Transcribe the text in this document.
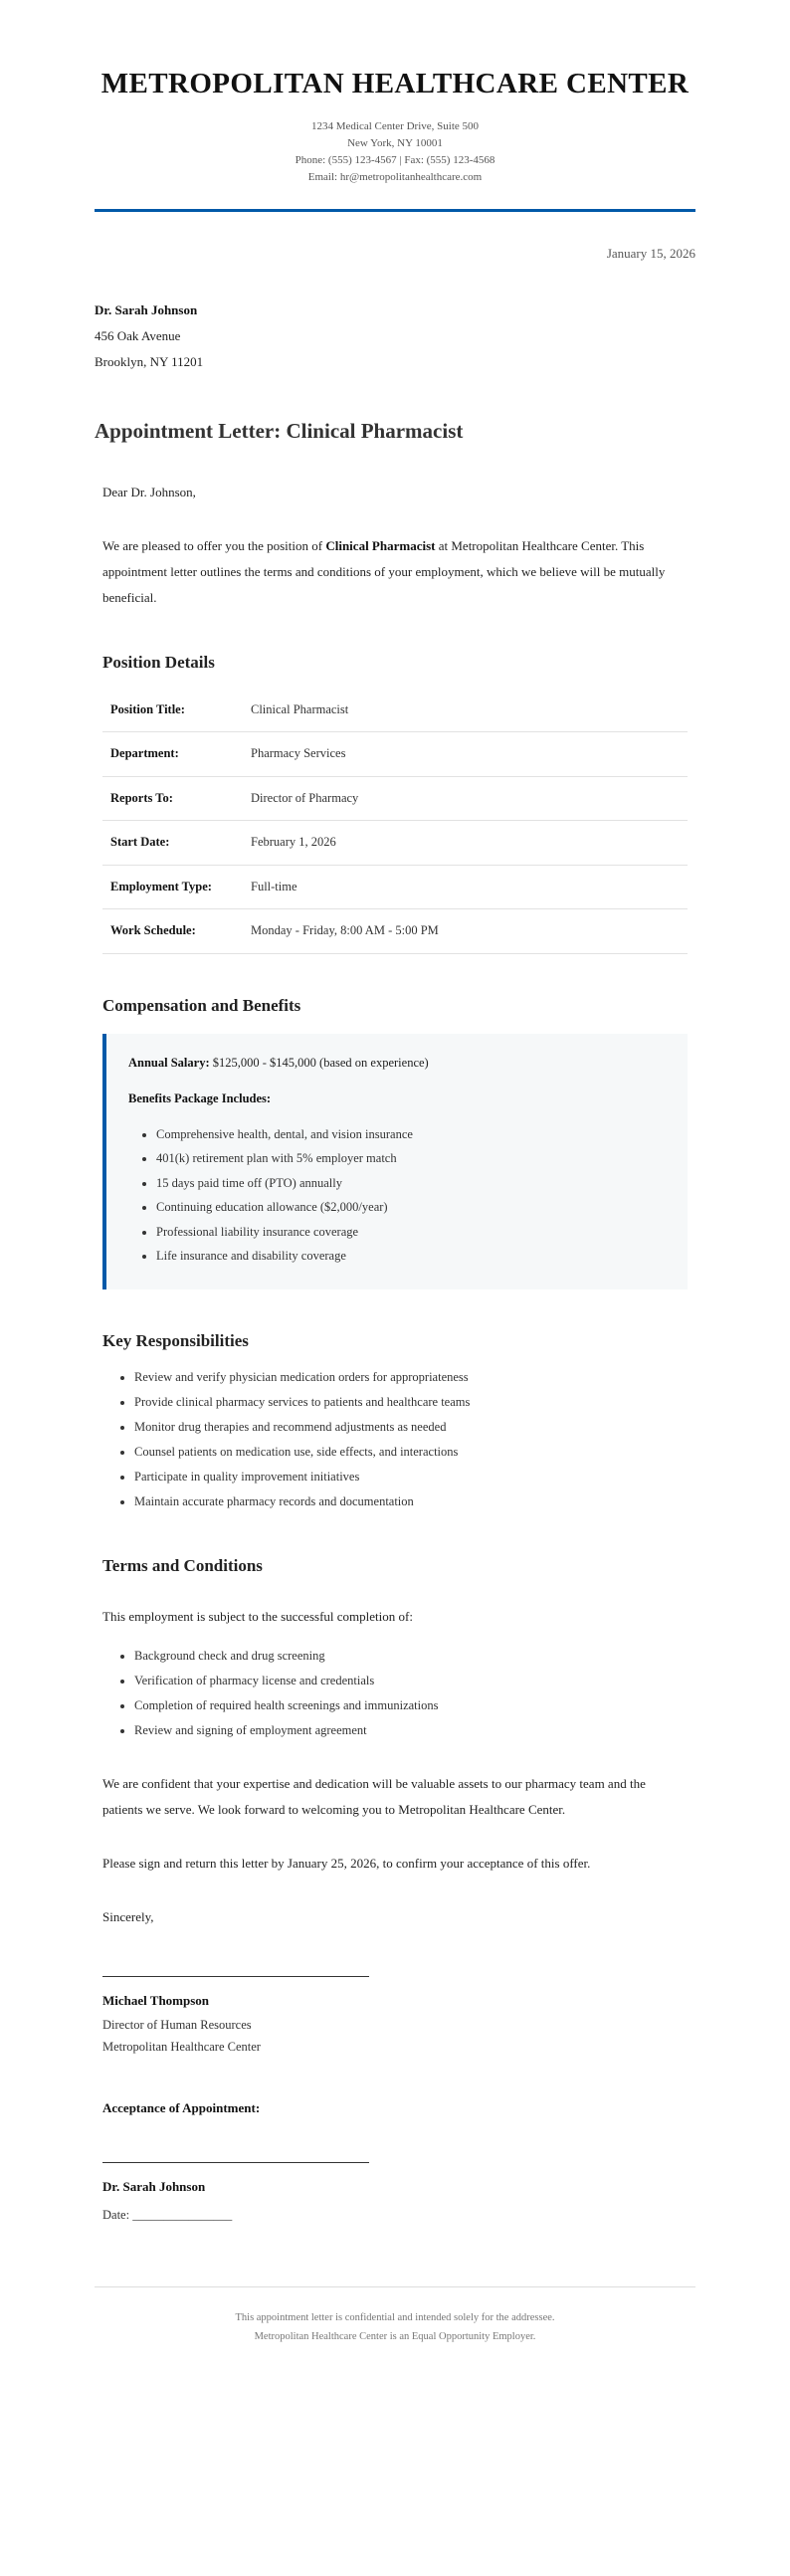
METROPOLITAN HEALTHCARE CENTER
1234 Medical Center Drive, Suite 500
New York, NY 10001
Phone: (555) 123-4567 | Fax: (555) 123-4568
Email: hr@metropolitanhealthcare.com
January 15, 2026
Dr. Sarah Johnson
456 Oak Avenue
Brooklyn, NY 11201
Appointment Letter: Clinical Pharmacist

Dear Dr. Johnson,

We are pleased to offer you the position of Clinical Pharmacist at Metropolitan Healthcare Center. This appointment letter outlines the terms and conditions of your employment, which we believe will be mutually beneficial.

Position Details
Position Title:	Clinical Pharmacist
Department:	Pharmacy Services
Reports To:	Director of Pharmacy
Start Date:	February 1, 2026
Employment Type:	Full-time
Work Schedule:	Monday - Friday, 8:00 AM - 5:00 PM
Compensation and Benefits

Annual Salary: $125,000 - $145,000 (based on experience)

Benefits Package Includes:

• Comprehensive health, dental, and vision insurance
• 401(k) retirement plan with 5% employer match
• 15 days paid time off (PTO) annually
• Continuing education allowance ($2,000/year)
• Professional liability insurance coverage
• Life insurance and disability coverage
Key Responsibilities
• Review and verify physician medication orders for appropriateness
• Provide clinical pharmacy services to patients and healthcare teams
• Monitor drug therapies and recommend adjustments as needed
• Counsel patients on medication use, side effects, and interactions
• Participate in quality improvement initiatives
• Maintain accurate pharmacy records and documentation
Terms and Conditions

This employment is subject to the successful completion of:

• Background check and drug screening
• Verification of pharmacy license and credentials
• Completion of required health screenings and immunizations
• Review and signing of employment agreement

We are confident that your expertise and dedication will be valuable assets to our pharmacy team and the patients we serve. We look forward to welcoming you to Metropolitan Healthcare Center.

Please sign and return this letter by January 25, 2026, to confirm your acceptance of this offer.

Sincerely,

Michael Thompson
Director of Human Resources
Metropolitan Healthcare Center
Acceptance of Appointment:
Dr. Sarah Johnson
Date: ________________
This appointment letter is confidential and intended solely for the addressee.
Metropolitan Healthcare Center is an Equal Opportunity Employer.
